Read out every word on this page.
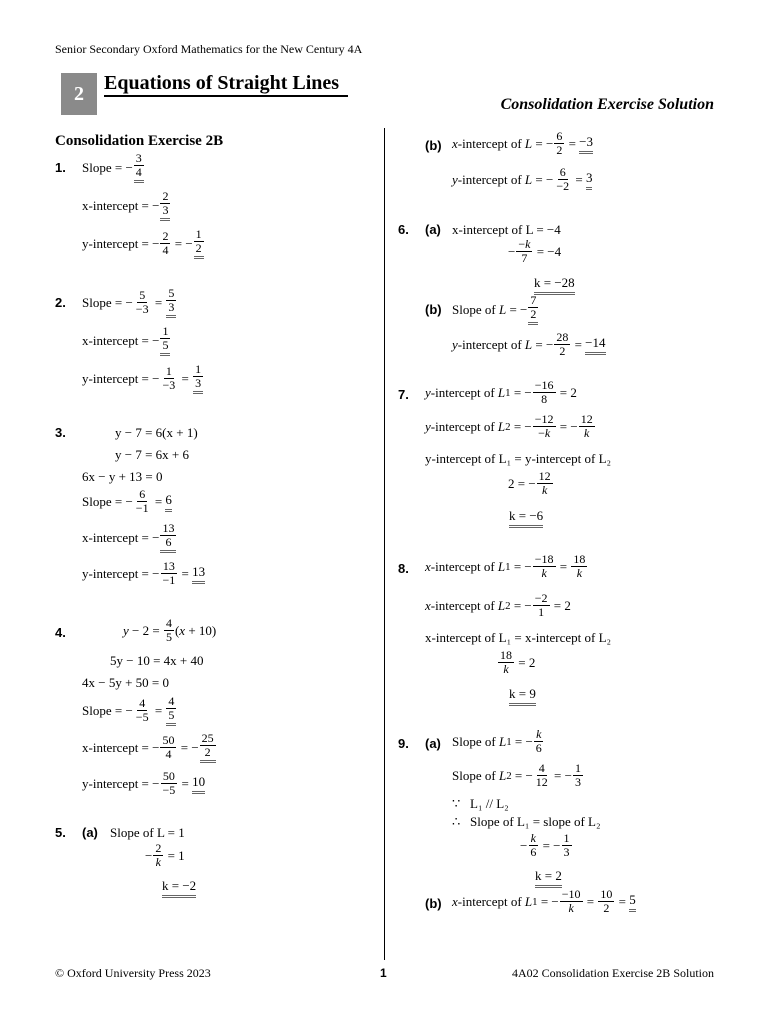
Senior Secondary Oxford Mathematics for the New Century 4A
2	Equations of Straight Lines
Consolidation Exercise Solution
Consolidation Exercise 2B
1. Slope = − $\frac{3}{4}$
x-intercept = − $\frac{2}{3}$
y-intercept = − $\frac{2}{4}$ = − $\frac{1}{2}$
2. Slope = − $\frac{5}{-3} = \frac{5}{3}$
x-intercept = − $\frac{1}{5}$
y-intercept = − $\frac{1}{-3} = \frac{1}{3}$
3.	y − 7 = 6(x + 1)
y − 7 = 6x + 6
6x − y + 13 = 0
Slope = − $\frac{6}{-1} = 6$
x-intercept = − $\frac{13}{6}$
y-intercept = − $\frac{13}{-1} = 13$
4.	$y - 2 = \frac{4}{5}$ ( x + 10)
5y − 10 = 4x + 40
4x − 5y + 50 = 0
Slope = − $\frac{4}{-5} = \frac{4}{5}$
x-intercept = − $\frac{50}{4}$ = − $\frac{25}{2}$
y-intercept = − $\frac{50}{-5} = 10$
5. (a) Slope of L = 1
− $\frac{2}{k} = 1$
k = −2
(b) x -intercept of L = − $\frac{6}{2} = -3$
y -intercept of L = − $\frac{6}{-2} = 3$
6. (a) x-intercept of L = −4
− $\frac{-k}{7} = -4$
k = −28
(b) Slope of L = − $\frac{7}{2}$
y -intercept of L = − $\frac{28}{2} = -14$
7. y -intercept of L 1 = − $\frac{-16}{8} = 2$
y -intercept of L 2 = − $\frac{-12}{-k}$ = − $\frac{12}{k}$
y-intercept of L₁ = y-intercept of L₂
2 = − $\frac{12}{k}$
k = −6
8. x -intercept of L 1 = − $\frac{-18}{k} = \frac{18}{k}$
x -intercept of L 2 = − $\frac{-2}{1} = 2$
x-intercept of L₁ = x-intercept of L₂
$\frac{18}{k} = 2$
k = 9
9. (a) Slope of L 1 = − $\frac{k}{6}$
Slope of L 2 = − $\frac{4}{12}$ = − $\frac{1}{3}$
∵
L₁ // L₂
∴
Slope of L₁ = slope of L₂
− $\frac{k}{6}$ = − $\frac{1}{3}$
k = 2
(b) x -intercept of L 1 = − $\frac{-10}{k} = \frac{10}{2} = 5$
© Oxford University Press 2023	1	4A02 Consolidation Exercise 2B Solution
